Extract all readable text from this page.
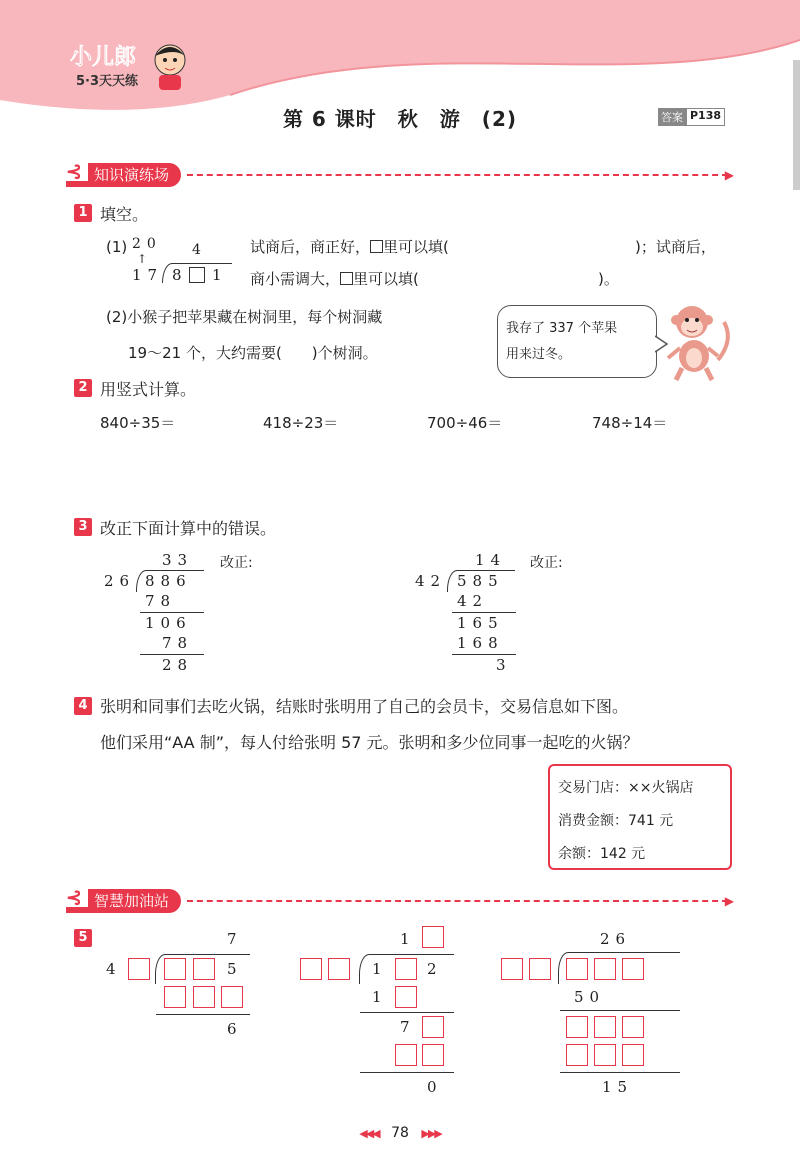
小儿郎
5·3天天练
第 6 课时　秋　游　(2)	答案 P138
⊰ 知识演练场	▶
1 填空。
(1) 20
↑
4
17 8 1
试商后，商正好， 里可以填(	)；试商后，
商小需调大， 里可以填(	)。
(2)小猴子把苹果藏在树洞里，每个树洞藏
19～21 个，大约需要(　　)个树洞。
我存了 337 个苹果
用来过冬。
2 用竖式计算。
840÷35＝	418÷23＝	700÷46＝	748÷14＝
3 改正下面计算中的错误。
33 改正:
26 886
78
106
78
28
14 改正:
42 585
42
165
168
3
4 张明和同事们去吃火锅，结账时张明用了自己的会员卡，交易信息如下图。
他们采用“AA 制”，每人付给张明 57 元。张明和多少位同事一起吃的火锅？
交易门店：××火锅店
消费金额：741 元
余额：142 元
⊰ 智慧加油站	▶
5	7
4	5
6
1
1	2
1
7
0
26
50
15
◀◀◀ 78 ▶▶▶
